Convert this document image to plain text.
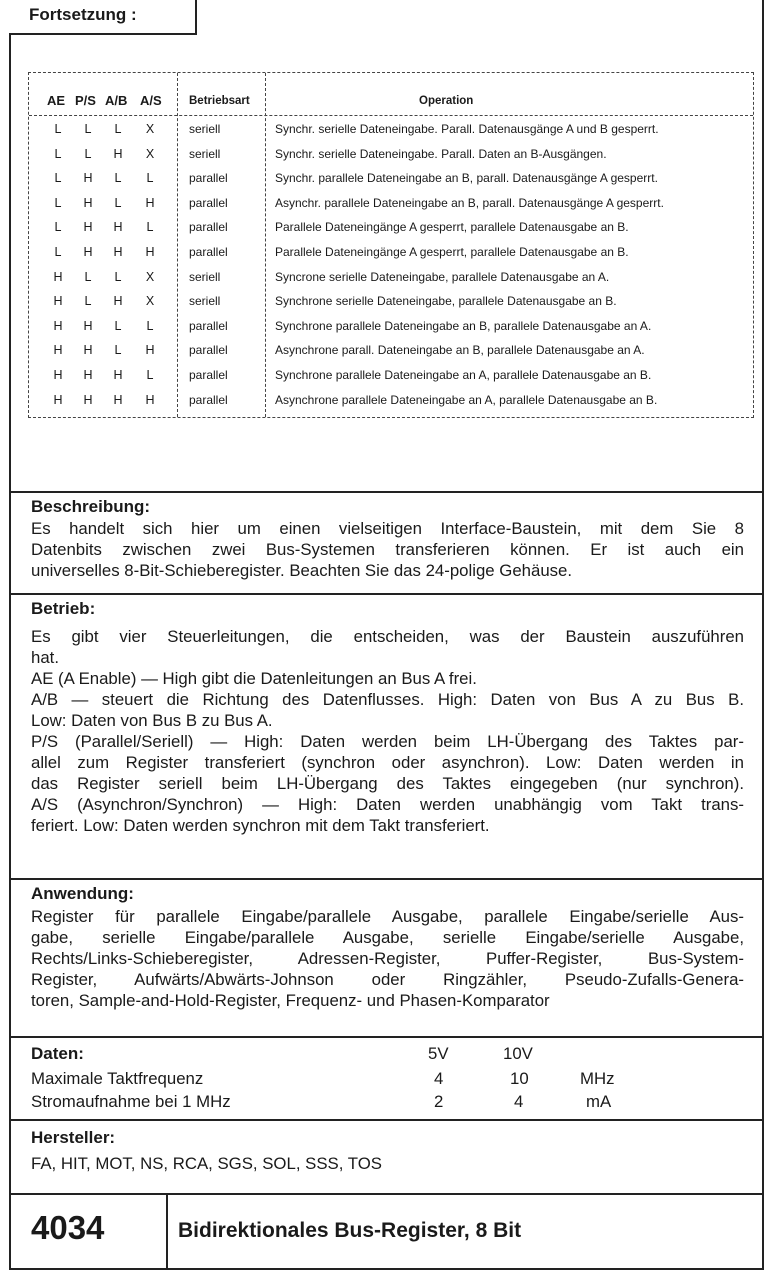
Fortsetzung :
AE P/S A/B A/S Betriebsart	Operation
L	L	L	X	seriell	Synchr. serielle Dateneingabe. Parall. Datenausgänge A und B gesperrt.
L	L	H	X	seriell	Synchr. serielle Dateneingabe. Parall. Daten an B-Ausgängen.
L	H	L	L	parallel	Synchr. parallele Dateneingabe an B, parall. Datenausgänge A gesperrt.
L	H	L	H	parallel	Asynchr. parallele Dateneingabe an B, parall. Datenausgänge A gesperrt.
L	H	H	L	parallel	Parallele Dateneingänge A gesperrt, parallele Datenausgabe an B.
L	H	H	H	parallel	Parallele Dateneingänge A gesperrt, parallele Datenausgabe an B.
H	L	L	X	seriell	Syncrone serielle Dateneingabe, parallele Datenausgabe an A.
H	L	H	X	seriell	Synchrone serielle Dateneingabe, parallele Datenausgabe an B.
H	H	L	L	parallel	Synchrone parallele Dateneingabe an B, parallele Datenausgabe an A.
H	H	L	H	parallel	Asynchrone parall. Dateneingabe an B, parallele Datenausgabe an A.
H	H	H	L	parallel	Synchrone parallele Dateneingabe an A, parallele Datenausgabe an B.
H	H	H	H	parallel	Asynchrone parallele Dateneingabe an A, parallele Datenausgabe an B.
Beschreibung:
Es handelt sich hier um einen vielseitigen Interface-Baustein, mit dem Sie 8
Datenbits zwischen zwei Bus-Systemen transferieren können. Er ist auch ein
universelles 8-Bit-Schieberegister. Beachten Sie das 24-polige Gehäuse.
Betrieb:
Es gibt vier Steuerleitungen, die entscheiden, was der Baustein auszuführen
hat.
AE (A Enable) — High gibt die Datenleitungen an Bus A frei.
A/B — steuert die Richtung des Datenflusses. High: Daten von Bus A zu Bus B.
Low: Daten von Bus B zu Bus A.
P/S (Parallel/Seriell) — High: Daten werden beim LH-Übergang des Taktes par-
allel zum Register transferiert (synchron oder asynchron). Low: Daten werden in
das Register seriell beim LH-Übergang des Taktes eingegeben (nur synchron).
A/S (Asynchron/Synchron) — High: Daten werden unabhängig vom Takt trans-
feriert. Low: Daten werden synchron mit dem Takt transferiert.
Anwendung:
Register für parallele Eingabe/parallele Ausgabe, parallele Eingabe/serielle Aus-
gabe, serielle Eingabe/parallele Ausgabe, serielle Eingabe/serielle Ausgabe,
Rechts/Links-Schieberegister, Adressen-Register, Puffer-Register, Bus-System-
Register, Aufwärts/Abwärts-Johnson oder Ringzähler, Pseudo-Zufalls-Genera-
toren, Sample-and-Hold-Register, Frequenz- und Phasen-Komparator
Daten:	5V	10V
Maximale Taktfrequenz	4	10	MHz
Stromaufnahme bei 1 MHz	2	4	mA
Hersteller:
FA, HIT, MOT, NS, RCA, SGS, SOL, SSS, TOS
4034	Bidirektionales Bus-Register, 8 Bit
